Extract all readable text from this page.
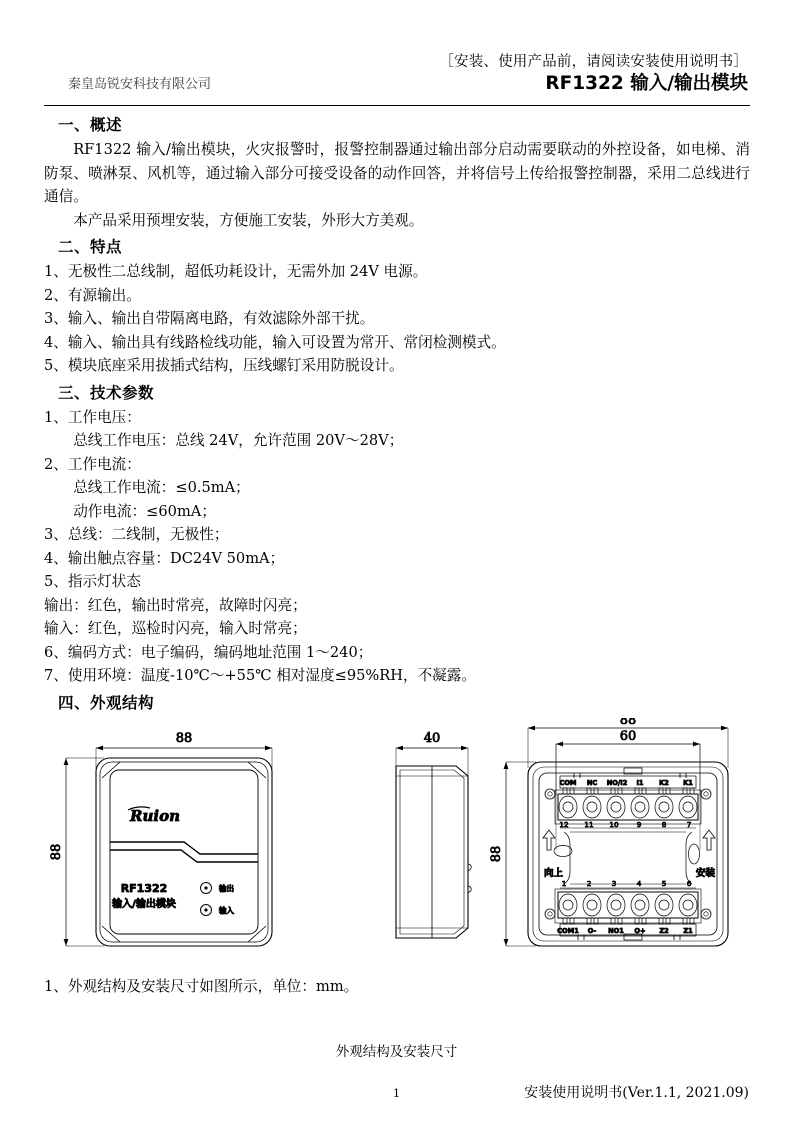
［安装、使用产品前，请阅读安装使用说明书］
秦皇岛锐安科技有限公司	RF1322 输入/输出模块
一、概述

RF1322 输入/输出模块，火灾报警时，报警控制器通过输出部分启动需要联动的外控设备，如电梯、消防泵、喷淋泵、风机等，通过输入部分可接受设备的动作回答，并将信号上传给报警控制器，采用二总线进行通信。

本产品采用预埋安装，方便施工安装，外形大方美观。

二、特点
1、无极性二总线制，超低功耗设计，无需外加 24V 电源。
2、有源输出。
3、输入、输出自带隔离电路，有效滤除外部干扰。
4、输入、输出具有线路检线功能，输入可设置为常开、常闭检测模式。
5、模块底座采用拔插式结构，压线螺钉采用防脱设计。
三、技术参数
1、工作电压：
总线工作电压：总线 24V，允许范围 20V～28V；
2、工作电流：
总线工作电流：≤0.5mA；
动作电流：≤60mA；
3、总线：二线制，无极性；
4、输出触点容量：DC24V 50mA；
5、指示灯状态
输出：红色，输出时常亮，故障时闪亮；
输入：红色，巡检时闪亮，输入时常亮；
6、编码方式：电子编码，编码地址范围 1～240；
7、使用环境：温度-10℃～+55℃ 相对湿度≤95%RH，不凝露。
四、外观结构
Ruion
RF1322
输入/输出模块
输出
输入
88
88
40
88
60
88
COM NC NO/I2 I1 K2 K1
12 11 10	9	8	7
向上	安装
1	2	3	4	5	6
COM1 O- NO1 O+ Z2 Z1
1、外观结构及安装尺寸如图所示，单位：mm。
外观结构及安装尺寸
1	安装使用说明书(Ver.1.1, 2021.09)
